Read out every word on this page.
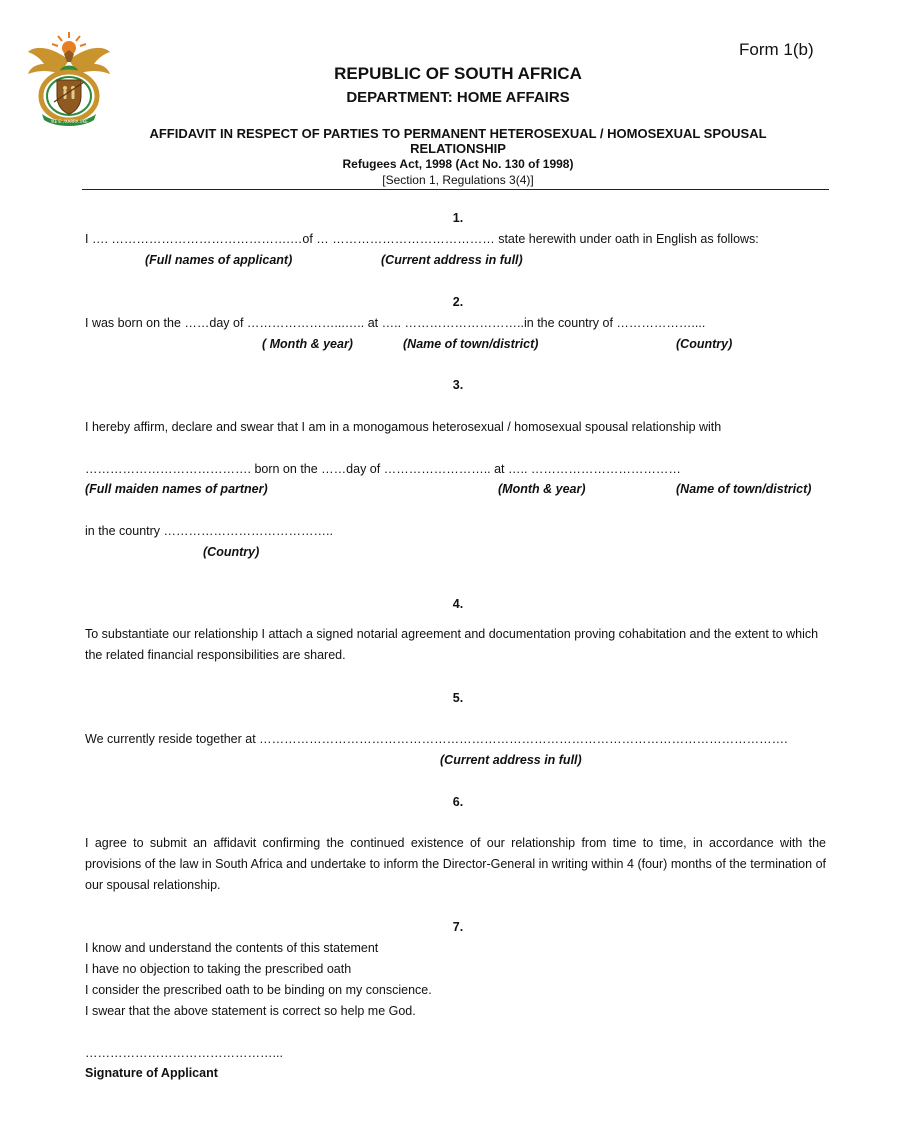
!KE E: /XARRA //KE
Form 1(b)
REPUBLIC OF SOUTH AFRICA
DEPARTMENT: HOME AFFAIRS
AFFIDAVIT IN RESPECT OF PARTIES TO PERMANENT HETEROSEXUAL / HOMOSEXUAL SPOUSAL
RELATIONSHIP
Refugees Act, 1998 (Act No. 130 of 1998)
[Section 1, Regulations 3(4)]
1.
I …. …………………………………….…of … ………………………………… state herewith under oath in English as follows:
(Full names of applicant)	(Current address in full)
2.
I was born on the ……day of …………………...….. at ….. ………………………..in the country of ………………....
( Month & year)	(Name of town/district)	(Country)
3.
I hereby affirm, declare and swear that I am in a monogamous heterosexual / homosexual spousal relationship with
…………………………………. born on the ……day of …………………….. at ….. ………………………………
(Full maiden names of partner)	(Month & year)	(Name of town/district)
in the country …………………………………..
(Country)
4.
To substantiate our relationship I attach a signed notarial agreement and documentation proving cohabitation and the extent to which the related financial responsibilities are shared.
5.
We currently reside together at ……………………………………………………………………………………………………………….
(Current address in full)
6.
I agree to submit an affidavit confirming the continued existence of our relationship from time to time, in accordance with the provisions of the law in South Africa and undertake to inform the Director-General in writing within 4 (four) months of the termination of our spousal relationship.
7.
I know and understand the contents of this statement
I have no objection to taking the prescribed oath
I consider the prescribed oath to be binding on my conscience.
I swear that the above statement is correct so help me God.
………………………………………...
Signature of Applicant
